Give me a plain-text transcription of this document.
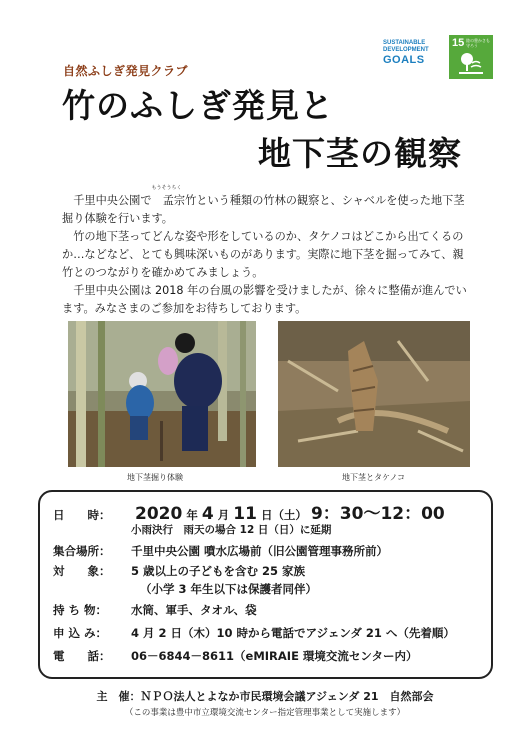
自然ふしぎ発見クラブ
竹のふしぎ発見と
地下茎の観察
SUSTAINABLE
DEVELOPMENT
GOALS
15 陸の豊かさも守ろう

千里中央公園で
もうそうちく
孟宗竹という種類の竹林の観察と、シャベルを使った地下茎掘り体験を行います。

竹の地下茎ってどんな姿や形をしているのか、タケノコはどこから出てくるのか…などなど、とても興味深いものがあります。実際に地下茎を掘ってみて、親竹とのつながりを確かめてみましょう。

千里中央公園は 2018 年の台風の影響を受けましたが、徐々に整備が進んでいます。みなさまのご参加をお待ちしております。

地下茎掘り体験	地下茎とタケノコ
日　　時： 2020 年 4 月 11 日（土） 9：30～12：00
小雨決行　雨天の場合 12 日（日）に延期
集合場所： 千里中央公園 噴水広場前（旧公園管理事務所前）
対　　象： 5 歳以上の子どもを含む 25 家族
（小学 3 年生以下は保護者同伴）
持 ち 物： 水筒、軍手、タオル、袋
申 込 み： 4 月 2 日（木）10 時から電話でアジェンダ 21 へ（先着順）
電　　話： 06－6844－8611（eMIRAIE 環境交流センター内）
主　催：ＮＰＯ法人とよなか市民環境会議アジェンダ 21　自然部会
（この事業は豊中市立環境交流センター指定管理事業として実施します）
